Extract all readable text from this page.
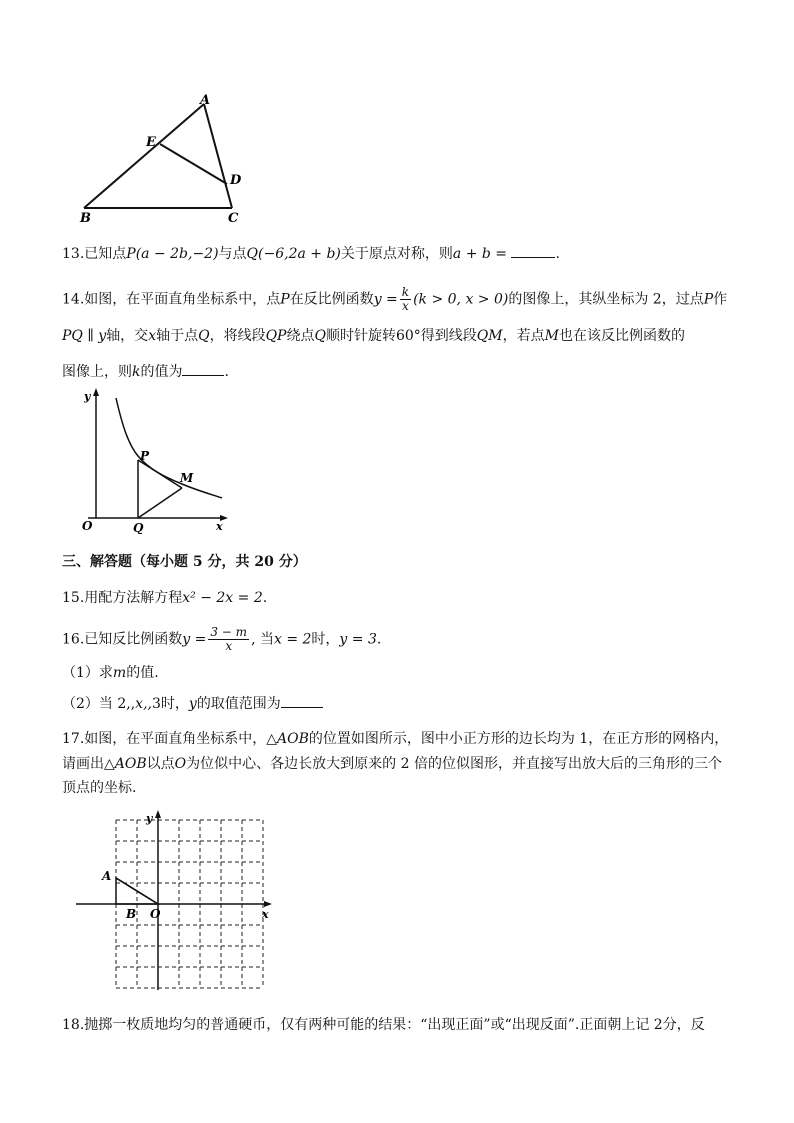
A
E
D
B	C
13.已知点P(a − 2b,−2)与点Q(−6,2a + b)关于原点对称，则a + b =	.
14.如图，在平面直角坐标系中，点P在反比例函数$y = \frac{k}{x} (k > 0$, x > 0)的图像上，其纵坐标为 2，过点P作
PQ ∥ y轴，交x轴于点Q，将线段QP绕点Q顺时针旋转60°得到线段QM，若点M也在该反比例函数的
图像上，则k的值为	.
y
x
O	Q
P
M
三、解答题（每小题 5 分，共 20 分）
15.用配方法解方程x² − 2x = 2.
16.已知反比例函数$y = \frac{3 - m}{x}$ , 当x = 2时，y = 3.
（1）求m的值.
（2）当 2,,x,,3时，y的取值范围为
17.如图，在平面直角坐标系中，△AOB的位置如图所示，图中小正方形的边长均为 1，在正方形的网格内，
请画出△AOB以点O为位似中心、各边长放大到原来的 2 倍的位似图形，并直接写出放大后的三角形的三个
顶点的坐标.
y
x
A
B O
18.抛掷一枚质地均匀的普通硬币，仅有两种可能的结果：“出现正面”或“出现反面”.正面朝上记 2分，反
